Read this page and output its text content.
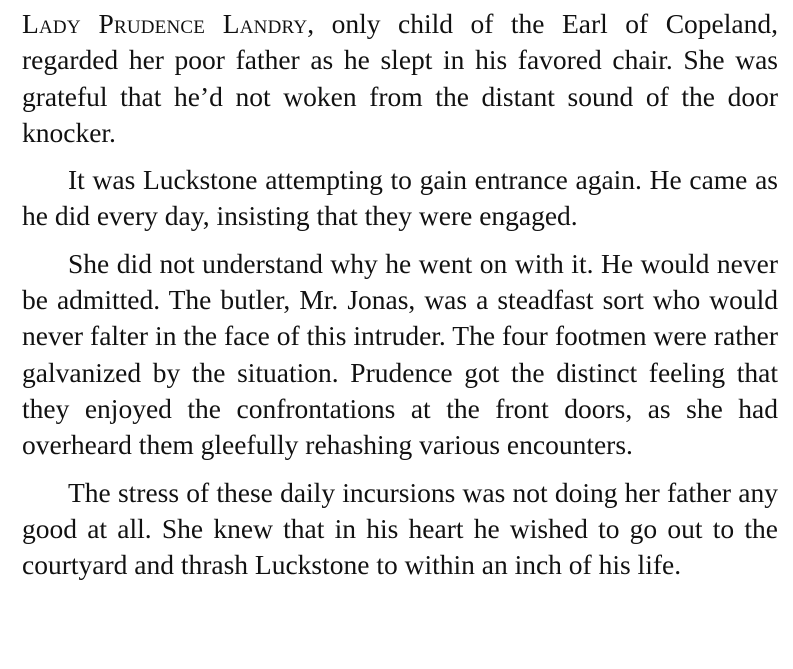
Lady Prudence Landry, only child of the Earl of Copeland, regarded her poor father as he slept in his favored chair. She was grateful that he’d not woken from the distant sound of the door knocker.

It was Luckstone attempting to gain entrance again. He came as he did every day, insisting that they were engaged.

She did not understand why he went on with it. He would never be admitted. The butler, Mr. Jonas, was a steadfast sort who would never falter in the face of this intruder. The four footmen were rather galvanized by the situation. Prudence got the distinct feeling that they enjoyed the confrontations at the front doors, as she had overheard them gleefully rehashing various encounters.

The stress of these daily incursions was not doing her father any good at all. She knew that in his heart he wished to go out to the courtyard and thrash Luckstone to within an inch of his life.
